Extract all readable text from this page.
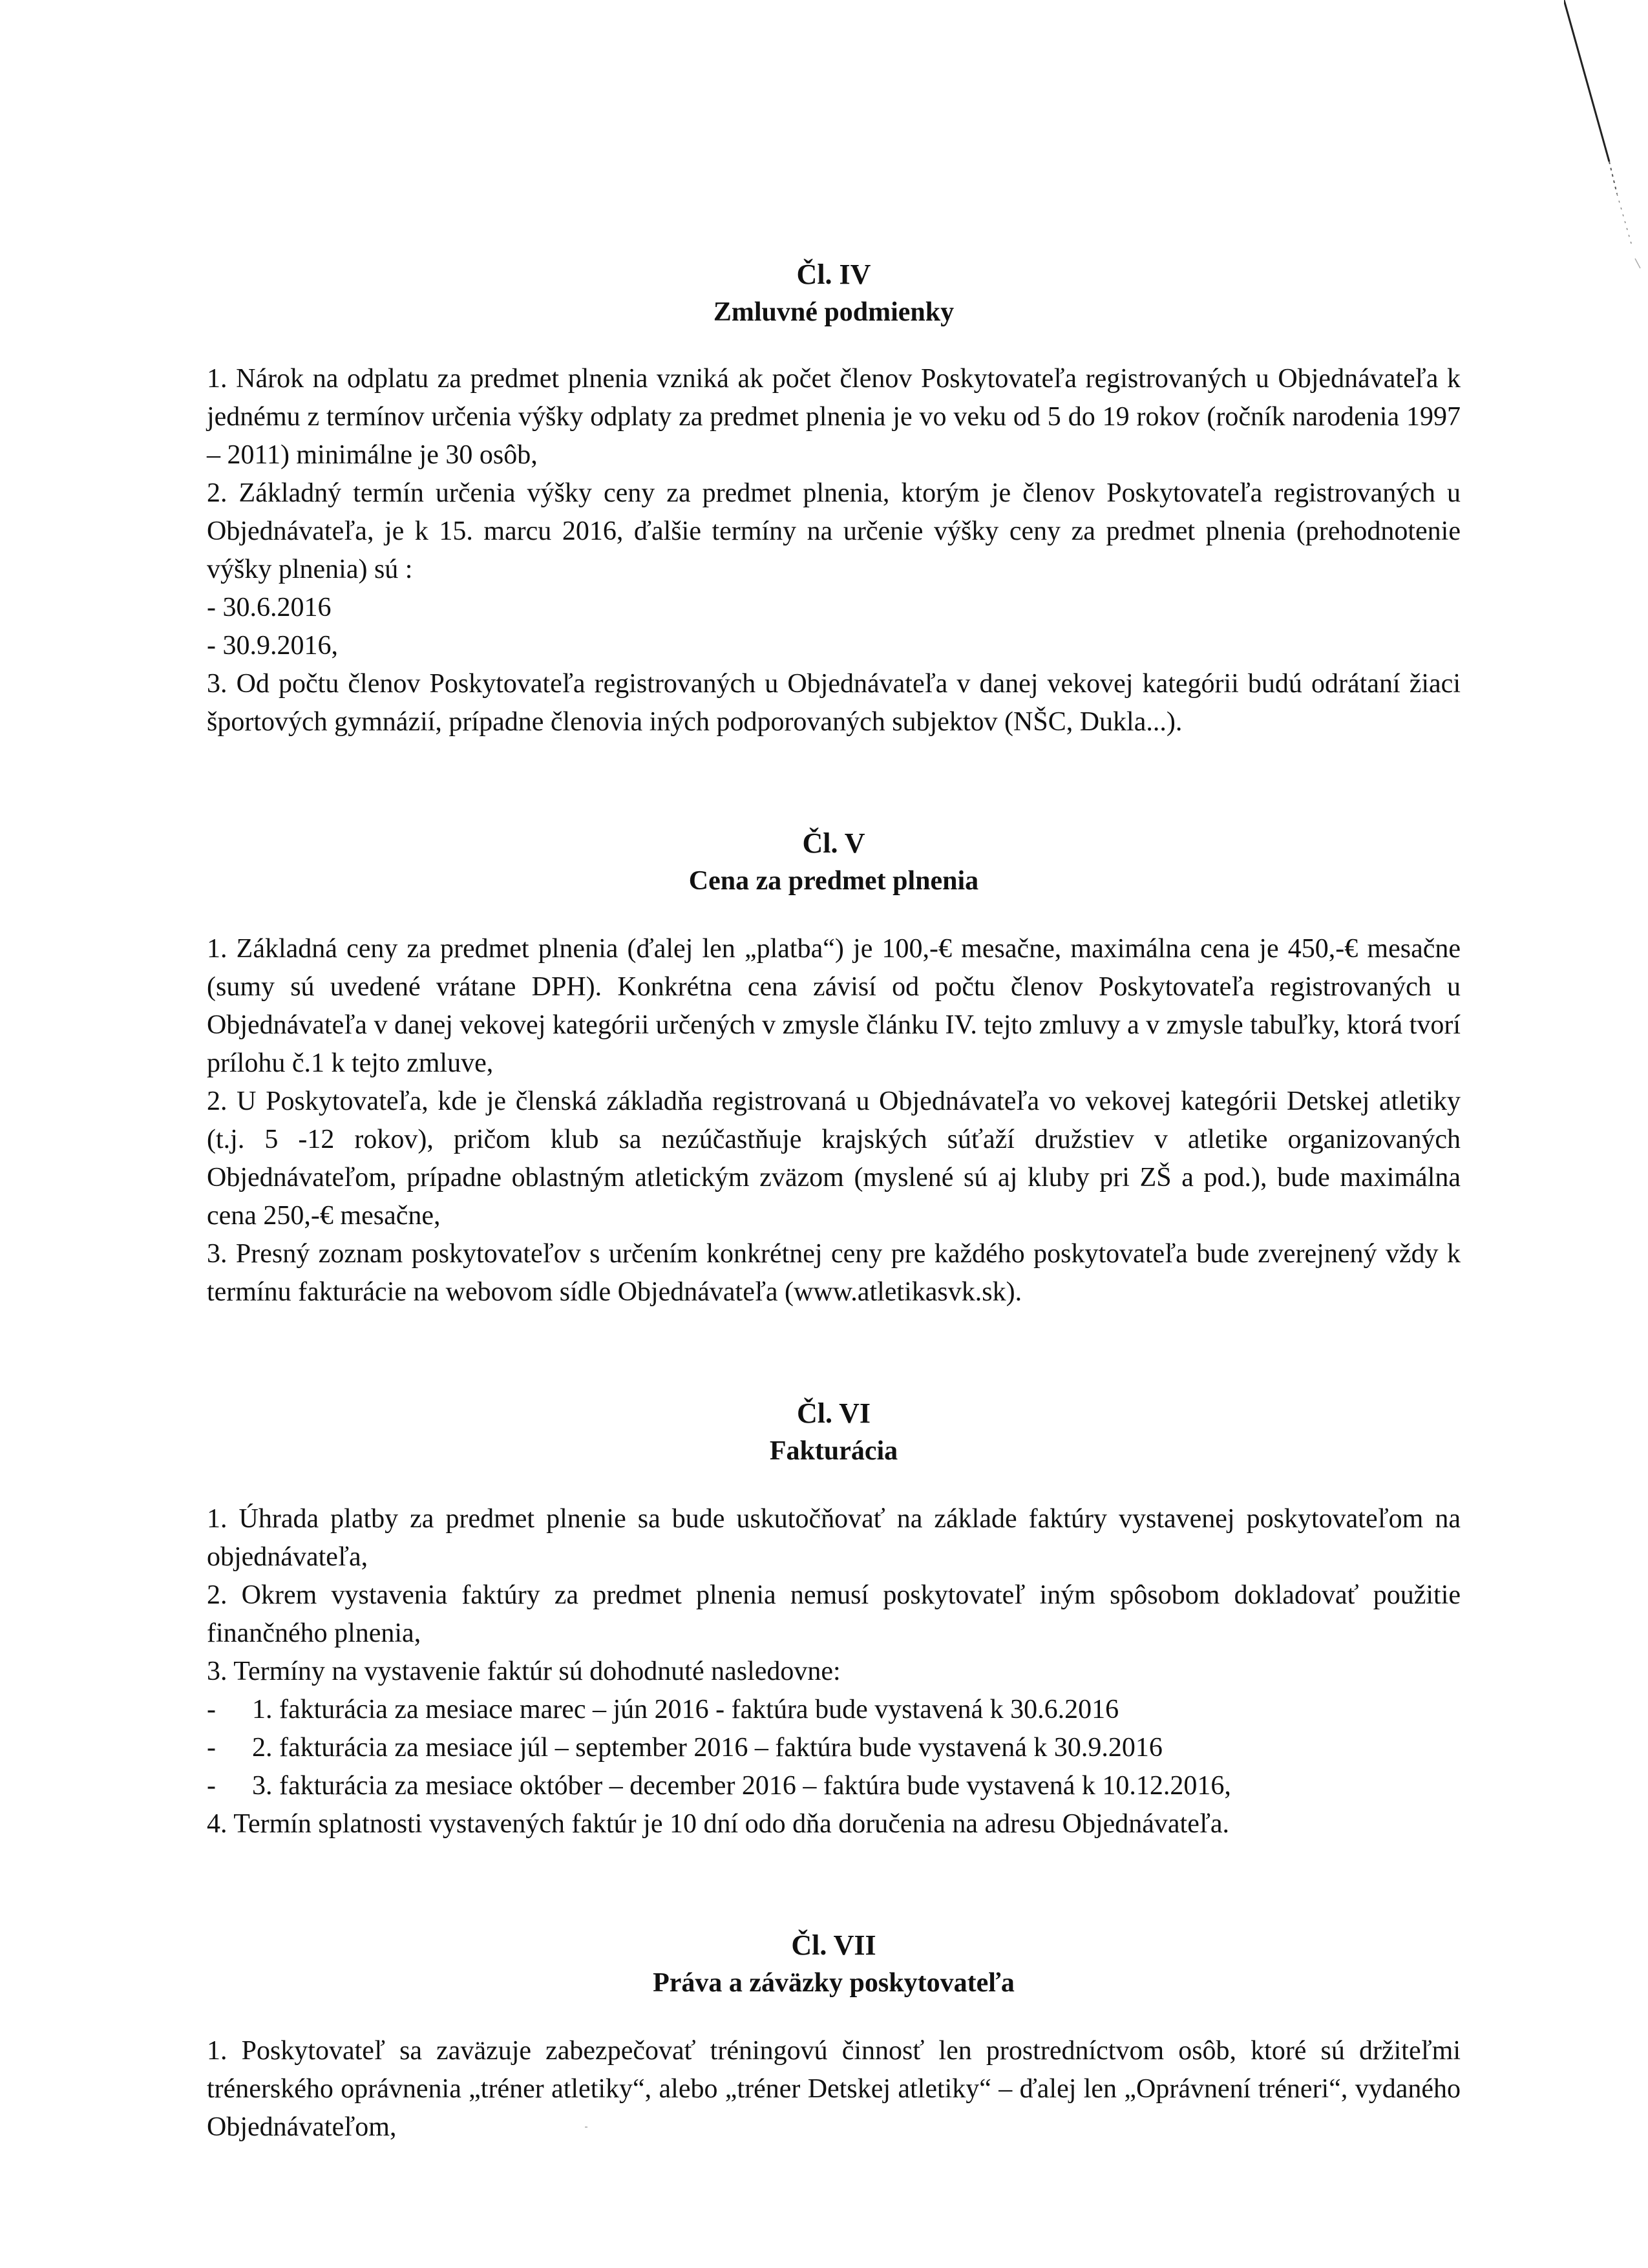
Čl. IV

Zmluvné podmienky

1. Nárok na odplatu za predmet plnenia vzniká ak počet členov Poskytovateľa registrovaných u Objednávateľa k jednému z termínov určenia výšky odplaty za predmet plnenia je vo veku od 5 do 19 rokov (ročník narodenia 1997 – 2011) minimálne je 30 osôb,

2. Základný termín určenia výšky ceny za predmet plnenia, ktorým je členov Poskytovateľa registrovaných u Objednávateľa, je k 15. marcu 2016, ďalšie termíny na určenie výšky ceny za predmet plnenia (prehodnotenie výšky plnenia) sú :

- 30.6.2016

- 30.9.2016,

3. Od počtu členov Poskytovateľa registrovaných u Objednávateľa v danej vekovej kategórii budú odrátaní žiaci športových gymnázií, prípadne členovia iných podporovaných subjektov (NŠC, Dukla...).

Čl. V

Cena za predmet plnenia

1. Základná ceny za predmet plnenia (ďalej len „platba“) je 100,-€ mesačne, maximálna cena je 450,-€ mesačne (sumy sú uvedené vrátane DPH). Konkrétna cena závisí od počtu členov Poskytovateľa registrovaných u Objednávateľa v danej vekovej kategórii určených v zmysle článku IV. tejto zmluvy a v zmysle tabuľky, ktorá tvorí prílohu č.1 k tejto zmluve,

2. U Poskytovateľa, kde je členská základňa registrovaná u Objednávateľa vo vekovej kategórii Detskej atletiky (t.j. 5 -12 rokov), pričom klub sa nezúčastňuje krajských súťaží družstiev v atletike organizovaných Objednávateľom, prípadne oblastným atletickým zväzom (myslené sú aj kluby pri ZŠ a pod.), bude maximálna cena 250,-€ mesačne,

3. Presný zoznam poskytovateľov s určením konkrétnej ceny pre každého poskytovateľa bude zverejnený vždy k termínu fakturácie na webovom sídle Objednávateľa (www.atletikasvk.sk).

Čl. VI

Fakturácia

1. Úhrada platby za predmet plnenie sa bude uskutočňovať na základe faktúry vystavenej poskytovateľom na objednávateľa,

2. Okrem vystavenia faktúry za predmet plnenia nemusí poskytovateľ iným spôsobom dokladovať použitie finančného plnenia,

3. Termíny na vystavenie faktúr sú dohodnuté nasledovne:

-	1. fakturácia za mesiace marec – jún 2016 - faktúra bude vystavená k 30.6.2016
-	2. fakturácia za mesiace júl – september 2016 – faktúra bude vystavená k 30.9.2016
-	3. fakturácia za mesiace október – december 2016 – faktúra bude vystavená k 10.12.2016,

4. Termín splatnosti vystavených faktúr je 10 dní odo dňa doručenia na adresu Objednávateľa.

Čl. VII

Práva a záväzky poskytovateľa

1. Poskytovateľ sa zaväzuje zabezpečovať tréningovú činnosť len prostredníctvom osôb, ktoré sú držiteľmi trénerského oprávnenia „tréner atletiky“, alebo „tréner Detskej atletiky“ – ďalej len „Oprávnení tréneri“, vydaného Objednávateľom,
